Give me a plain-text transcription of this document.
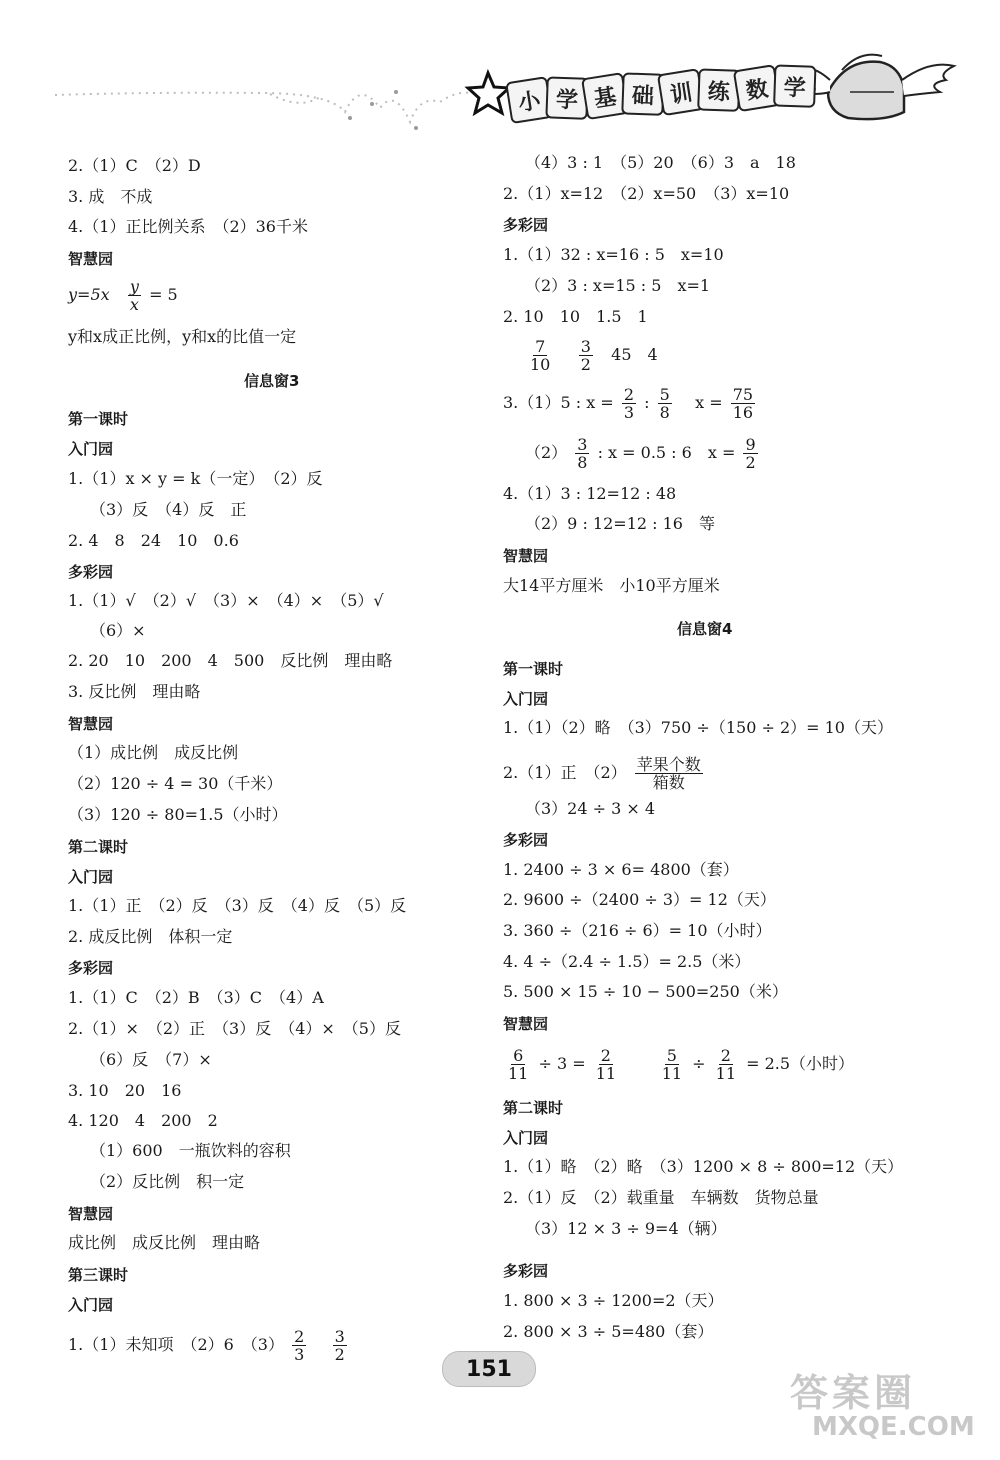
小 学 基 础 训 练 数 学
2.（1）C　（2）D
3. 成　不成
4.（1）正比例关系　（2）36千米
智慧园
$y=5x \frac{y}{x} = 5$
y和x成正比例，y和x的比值一定
信息窗3
第一课时
入门园
1.（1）x × y = k（一定）　（2）反
（3）反　（4）反　正
2. 4　8　24　10　0.6
多彩园
1.（1）√　（2）√　（3）×　（4）×　（5）√
（6）×
2. 20　10　200　4　500　反比例　理由略
3. 反比例　理由略
智慧园
（1）成比例　成反比例
（2）120 ÷ 4 = 30（千米）
（3）120 ÷ 80=1.5（小时）
第二课时
入门园
1.（1）正　（2）反　（3）反　（4）反　（5）反
2. 成反比例　体积一定
多彩园
1.（1）C　（2）B　（3）C　（4）A
2.（1）×　（2）正　（3）反　（4）×　（5）反
（6）反　（7）×
3. 10　20　16
4. 120　4　200　2
（1）600　一瓶饮料的容积
（2）反比例　积一定
智慧园
成比例　成反比例　理由略
第三课时
入门园
1.（1）未知项　（2）6　$(3) \frac{2}{3}$
$\frac{3}{2}$
（4）3 : 1　（5）20　（6）3　a　18
2.（1）x=12　（2）x=50　（3）x=10
多彩园
1.（1）32 : x=16 : 5　x=10
（2）3 : x=15 : 5　x=1
2. 10　10　1.5　1
$\frac{7}{10}$
$\frac{3}{2} 45$　4
3.（1）5 : $x = \frac{2}{3}$ : $\frac{5}{8}$ $x = \frac{75}{16}$
$(2) \frac{3}{8}$ : x = 0.5 : 6　$x = \frac{9}{2}$
4.（1）3 : 12=12 : 48
（2）9 : 12=12 : 16　等
智慧园
大14平方厘米　小10平方厘米
信息窗4
第一课时
入门园
1.（1）（2）略　（3）750 ÷（150 ÷ 2）= 10（天）
2.（1）正　$(2) \frac{\text{苹果个数}}{\text{箱数}}$
（3）24 ÷ 3 × 4
多彩园
1. 2400 ÷ 3 × 6= 4800（套）
2. 9600 ÷（2400 ÷ 3）= 12（天）
3. 360 ÷（216 ÷ 6）= 10（小时）
4. 4 ÷（2.4 ÷ 1.5）= 2.5（米）
5. 500 × 15 ÷ 10 − 500=250（米）
智慧园
$\frac{6}{11} \div 3 = \frac{2}{11}$
	$\frac{5}{11} \div \frac{2}{11} = 2.5$（小时）
第二课时
入门园
1.（1）略　（2）略　（3）1200 × 8 ÷ 800=12（天）
2.（1）反　（2）载重量　车辆数　货物总量
（3）12 × 3 ÷ 9=4（辆）
多彩园
1. 800 × 3 ÷ 1200=2（天）
2. 800 × 3 ÷ 5=480（套）
151
答案圈
MXQE.COM
